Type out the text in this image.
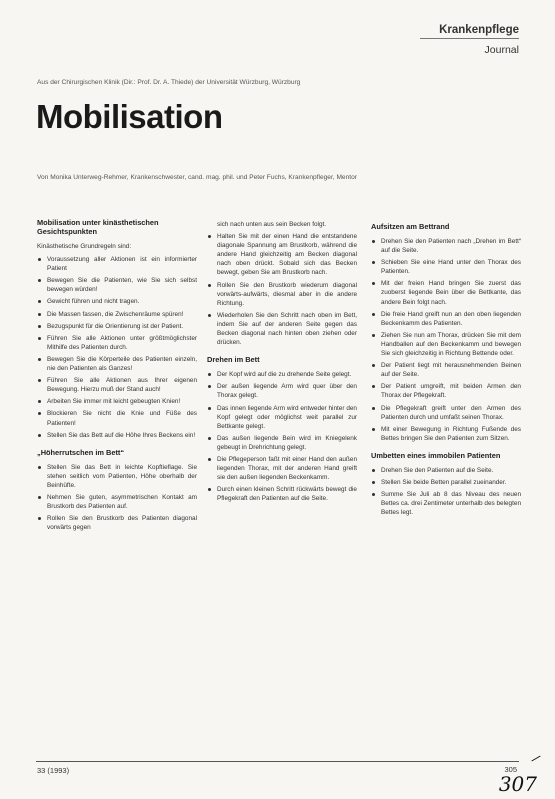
Krankenpflege
Journal
Aus der Chirurgischen Klinik (Dir.: Prof. Dr. A. Thiede) der Universität Würzburg, Würzburg
Mobilisation
Von Monika Unterweg-Rehmer, Krankenschwester, cand. mag. phil. und Peter Fuchs, Krankenpfleger, Mentor
Mobilisation unter kinästhetischen Gesichtspunkten

Kinästhetische Grundregeln sind:

Voraussetzung aller Aktionen ist ein informierter Patient
Bewegen Sie die Patienten, wie Sie sich selbst bewegen würden!
Gewicht führen und nicht tragen.
Die Massen fassen, die Zwischenräume spüren!
Bezugspunkt für die Orientierung ist der Patient.
Führen Sie alle Aktionen unter größtmöglichster Mithilfe des Patienten durch.
Bewegen Sie die Körperteile des Patienten einzeln, nie den Patienten als Ganzes!
Führen Sie alle Aktionen aus Ihrer eigenen Bewegung. Hierzu muß der Stand auch!
Arbeiten Sie immer mit leicht gebeugten Knien!
Blockieren Sie nicht die Knie und Füße des Patienten!
Stellen Sie das Bett auf die Höhe Ihres Beckens ein!
„Höherrutschen im Bett“
Stellen Sie das Bett in leichte Kopftieflage. Sie stehen seitlich vom Patienten, Höhe oberhalb der Beinhüfte.
Nehmen Sie guten, asymmetrischen Kontakt am Brustkorb des Patienten auf.
Rollen Sie den Brustkorb des Patienten diagonal vorwärts gegen

sich nach unten aus sein Becken folgt.

Halten Sie mit der einen Hand die entstandene diagonale Spannung am Brustkorb, während die andere Hand gleichzeitig am Becken diagonal nach oben drückt. Sobald sich das Becken bewegt, geben Sie am Brustkorb nach.
Rollen Sie den Brustkorb wiederum diagonal vorwärts-aufwärts, diesmal aber in die andere Richtung.
Wiederholen Sie den Schritt nach oben im Bett, indem Sie auf der anderen Seite gegen das Becken diagonal nach hinten oben ziehen oder drücken.
Drehen im Bett
Der Kopf wird auf die zu drehende Seite gelegt.
Der außen liegende Arm wird quer über den Thorax gelegt.
Das innen liegende Arm wird entweder hinter den Kopf gelegt oder möglichst weit parallel zur Bettkante gelegt.
Das außen liegende Bein wird im Kniegelenk gebeugt in Drehrichtung gelegt.
Die Pflegeperson faßt mit einer Hand den außen liegenden Thorax, mit der anderen Hand greift sie den außen liegenden Beckenkamm.
Durch einen kleinen Schritt rückwärts bewegt die Pflegekraft den Patienten auf die Seite.
Aufsitzen am Bettrand
Drehen Sie den Patienten nach „Drehen im Bett“ auf die Seite.
Schieben Sie eine Hand unter den Thorax des Patienten.
Mit der freien Hand bringen Sie zuerst das zuoberst liegende Bein über die Bettkante, das andere Bein folgt nach.
Die freie Hand greift nun an den oben liegenden Beckenkamm des Patienten.
Ziehen Sie nun am Thorax, drücken Sie mit dem Handballen auf den Beckenkamm und bewegen Sie sich gleichzeitig in Richtung Bettende oder.
Der Patient liegt mit herausnehmenden Beinen auf der Seite.
Der Patient umgreift, mit beiden Armen den Thorax der Pflegekraft.
Die Pflegekraft greift unter den Armen des Patienten durch und umfaßt seinen Thorax.
Mit einer Bewegung in Richtung Fußende des Bettes bringen Sie den Patienten zum Sitzen.
Umbetten eines immobilen Patienten
Drehen Sie den Patienten auf die Seite.
Stellen Sie beide Betten parallel zueinander.
Summe Sie Juli ab 8 das Niveau des neuen Bettes ca. drei Zentimeter unterhalb des belegten Bettes legt.
33 (1993)	305
307
